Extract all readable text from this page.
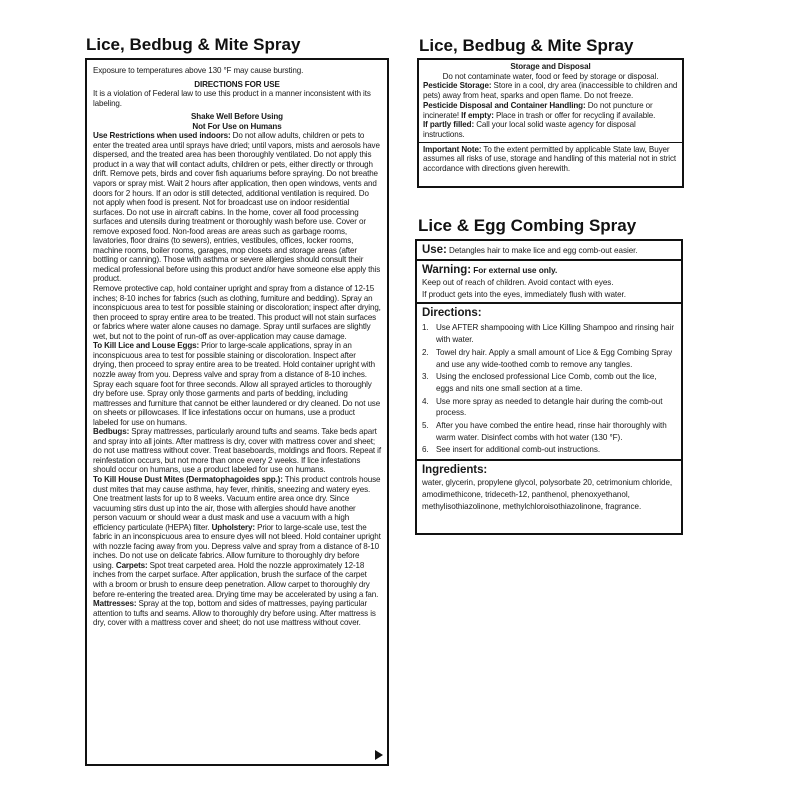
Lice, Bedbug & Mite Spray

Exposure to temperatures above 130 °F may cause bursting.

DIRECTIONS FOR USE

It is a violation of Federal law to use this product in a manner inconsistent with its labeling.

Shake Well Before Using

Not For Use on Humans

Use Restrictions when used indoors: Do not allow adults, children or pets to enter the treated area until sprays have dried; until vapors, mists and aerosols have dispersed, and the treated area has been thoroughly ventilated. Do not apply this product in a way that will contact adults, children or pets, either directly or through drift. Remove pets, birds and cover fish aquariums before spraying. Do not breathe vapors or spray mist. Wait 2 hours after application, then open windows, vents and doors for 2 hours. If an odor is still detected, additional ventilation is required. Do not apply when food is present. Not for broadcast use on indoor residential surfaces. Do not use in aircraft cabins. In the home, cover all food processing surfaces and utensils during treatment or thoroughly wash before use. Cover or remove exposed food. Non-food areas are areas such as garbage rooms, lavatories, floor drains (to sewers), entries, vestibules, offices, locker rooms, machine rooms, boiler rooms, garages, mop closets and storage areas (after bottling or canning). Those with asthma or severe allergies should consult their medical professional before using this product and/or have someone else apply this product.

Remove protective cap, hold container upright and spray from a distance of 12-15 inches; 8-10 inches for fabrics (such as clothing, furniture and bedding). Spray an inconspicuous area to test for possible staining or discoloration; inspect after drying, then proceed to spray entire area to be treated. This product will not stain surfaces or fabrics where water alone causes no damage. Spray until surfaces are slightly wet, but not to the point of run-off as over-application may cause damage.

To Kill Lice and Louse Eggs: Prior to large-scale applications, spray in an inconspicuous area to test for possible staining or discoloration. Inspect after drying, then proceed to spray entire area to be treated. Hold container upright with nozzle away from you. Depress valve and spray from a distance of 8-10 inches. Spray each square foot for three seconds. Allow all sprayed articles to thoroughly dry before use. Spray only those garments and parts of bedding, including mattresses and furniture that cannot be either laundered or dry cleaned. Do not use on sheets or pillowcases. If lice infestations occur on humans, use a product labeled for use on humans.

Bedbugs: Spray mattresses, particularly around tufts and seams. Take beds apart and spray into all joints. After mattress is dry, cover with mattress cover and sheet; do not use mattress without cover. Treat baseboards, moldings and floors. Repeat if reinfestation occurs, but not more than once every 2 weeks. If lice infestations should occur on humans, use a product labeled for use on humans.

To Kill House Dust Mites (Dermatophagoides spp.): This product controls house dust mites that may cause asthma, hay fever, rhinitis, sneezing and watery eyes. One treatment lasts for up to 8 weeks. Vacuum entire area once dry. Since vacuuming stirs dust up into the air, those with allergies should have another person vacuum or should wear a dust mask and use a vacuum with a high efficiency particulate (HEPA) filter. Upholstery: Prior to large-scale use, test the fabric in an inconspicuous area to ensure dyes will not bleed. Hold container upright with nozzle facing away from you. Depress valve and spray from a distance of 8-10 inches. Do not use on delicate fabrics. Allow furniture to thoroughly dry before using. Carpets: Spot treat carpeted area. Hold the nozzle approximately 12-18 inches from the carpet surface. After application, brush the surface of the carpet with a broom or brush to ensure deep penetration. Allow carpet to thoroughly dry before re-entering the treated area. Drying time may be accelerated by using a fan. Mattresses: Spray at the top, bottom and sides of mattresses, paying particular attention to tufts and seams. Allow to thoroughly dry before using. After mattress is dry, cover with a mattress cover and sheet; do not use mattress without cover.

Lice, Bedbug & Mite Spray

Storage and Disposal

Do not contaminate water, food or feed by storage or disposal.

Pesticide Storage: Store in a cool, dry area (inaccessible to children and pets) away from heat, sparks and open flame. Do not freeze.

Pesticide Disposal and Container Handling: Do not puncture or incinerate! If empty: Place in trash or offer for recycling if available.

If partly filled: Call your local solid waste agency for disposal instructions.

Important Note: To the extent permitted by applicable State law, Buyer assumes all risks of use, storage and handling of this material not in strict accordance with directions given herewith.

Lice & Egg Combing Spray
Use: Detangles hair to make lice and egg comb-out easier.
Warning: For external use only.
Keep out of reach of children. Avoid contact with eyes.
If product gets into the eyes, immediately flush with water.
Directions:
1. Use AFTER shampooing with Lice Killing Shampoo and rinsing hair with water.
2. Towel dry hair. Apply a small amount of Lice & Egg Combing Spray and use any wide-toothed comb to remove any tangles.
3. Using the enclosed professional Lice Comb, comb out the lice, eggs and nits one small section at a time.
4. Use more spray as needed to detangle hair during the comb-out process.
5. After you have combed the entire head, rinse hair thoroughly with warm water. Disinfect combs with hot water (130 °F).
6. See insert for additional comb-out instructions.
Ingredients:
water, glycerin, propylene glycol, polysorbate 20, cetrimonium chloride, amodimethicone, trideceth-12, panthenol, phenoxyethanol, methylisothiazolinone, methylchloroisothiazolinone, fragrance.
